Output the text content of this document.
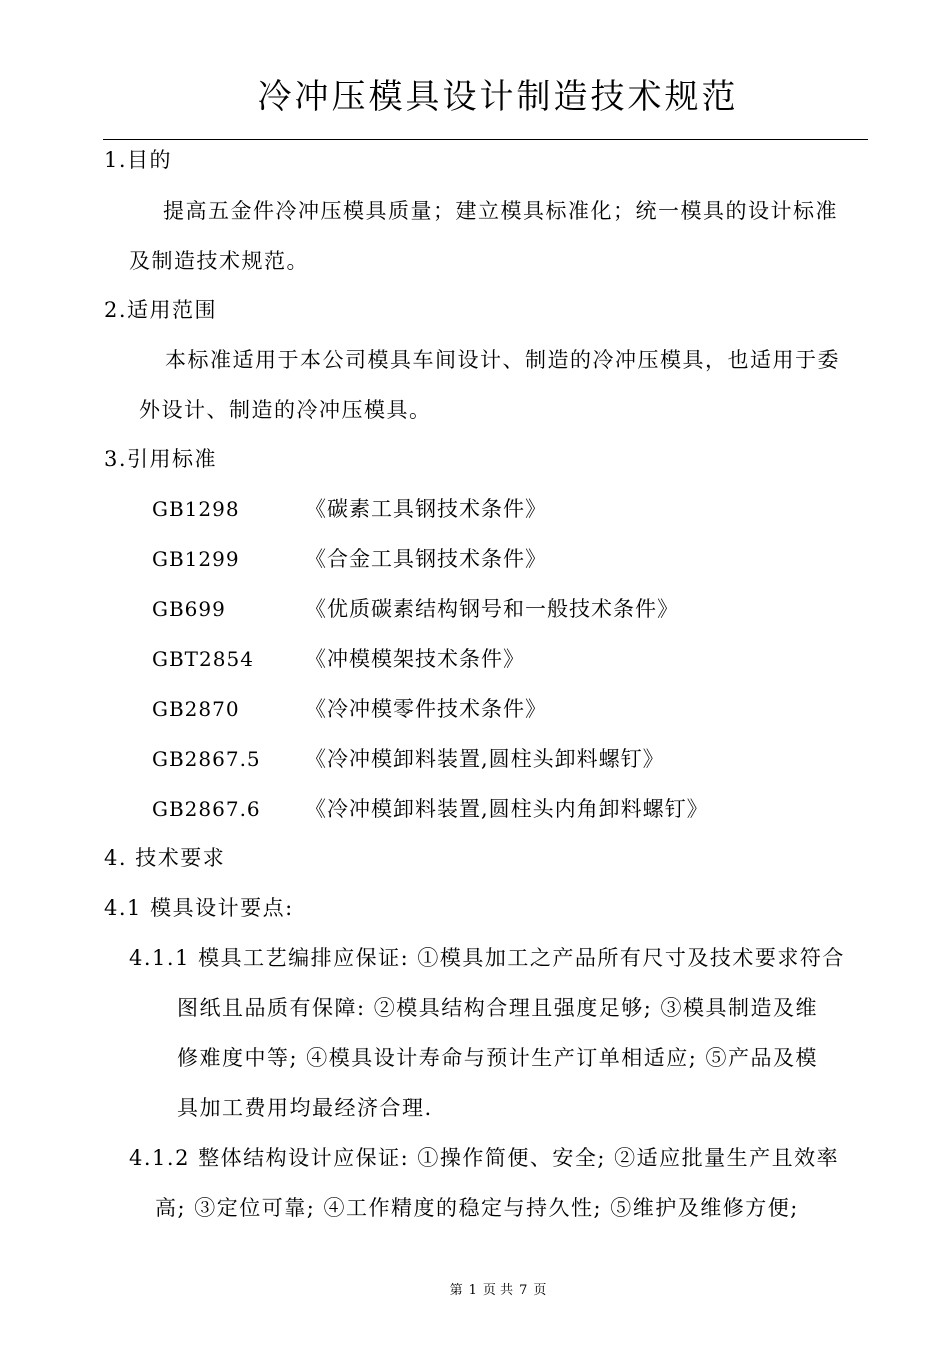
冷冲压模具设计制造技术规范
1.目的
提高五金件冷冲压模具质量；建立模具标准化；统一模具的设计标准
及制造技术规范。
2.适用范围
本标准适用于本公司模具车间设计、制造的冷冲压模具，也适用于委
外设计、制造的冷冲压模具。
3.引用标准
GB1298	《碳素工具钢技术条件》
GB1299	《合金工具钢技术条件》
GB699	《优质碳素结构钢号和一般技术条件》
GBT2854 《冲模模架技术条件》
GB2870	《冷冲模零件技术条件》
GB2867.5 《冷冲模卸料装置,圆柱头卸料螺钉》
GB2867.6 《冷冲模卸料装置,圆柱头内角卸料螺钉》
4. 技术要求
4.1 模具设计要点:
4.1.1 模具工艺编排应保证: ①模具加工之产品所有尺寸及技术要求符合
图纸且品质有保障: ②模具结构合理且强度足够; ③模具制造及维
修难度中等; ④模具设计寿命与预计生产订单相适应; ⑤产品及模
具加工费用均最经济合理.
4.1.2 整体结构设计应保证: ①操作简便、安全; ②适应批量生产且效率
高; ③定位可靠; ④工作精度的稳定与持久性; ⑤维护及维修方便;
第 1 页 共 7 页
